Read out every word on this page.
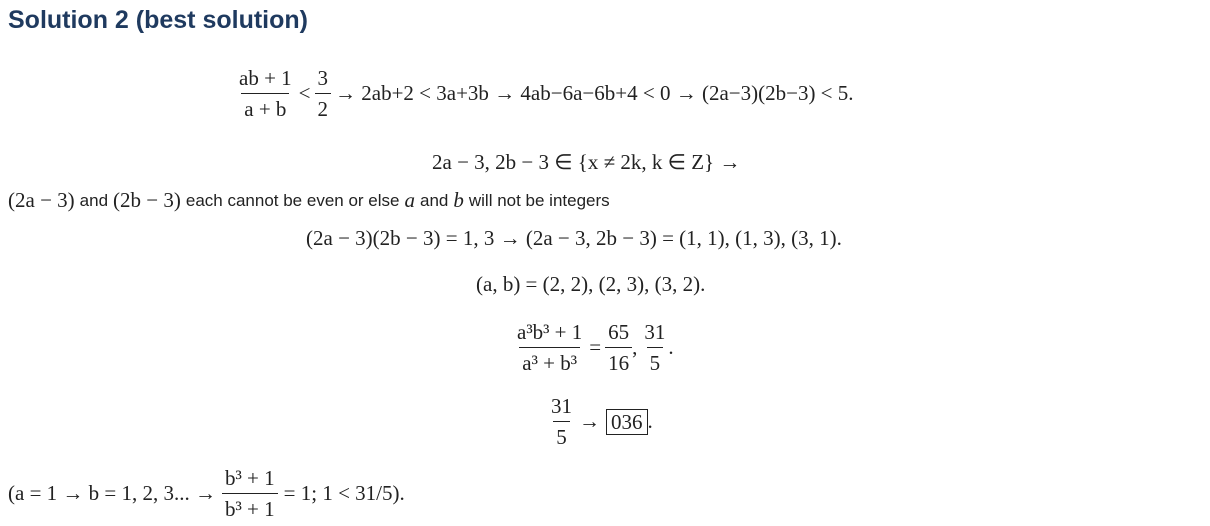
Solution 2 (best solution)
$\frac{ab + 1}{a + b} < \frac{3}{2} \to 2ab+2 < 3a+3b \to 4ab-6a-6b+4 < 0 \to (2a-3)(2b-3) < 5$.
2a − 3, 2b − 3 ∈ {x ≠ 2k, k ∈ Z} →
(2a − 3) and (2b − 3) each cannot be even or else a and b will not be integers
(2a − 3)(2b − 3) = 1, 3 → (2a − 3, 2b − 3) = (1, 1), (1, 3), (3, 1).
(a, b) = (2, 2), (2, 3), (3, 2).
$\frac{\text{a³b³ + 1}}{\text{a³ + b³}} = \frac{65}{16}$ , $\frac{31}{5}$ .
$\frac{31}{5} \to 036$ .
(a = 1 → b = 1, 2, 3... → $\frac{\text{b³ + 1}}{\text{b³ + 1}} = 1$; 1 < 31/5).
